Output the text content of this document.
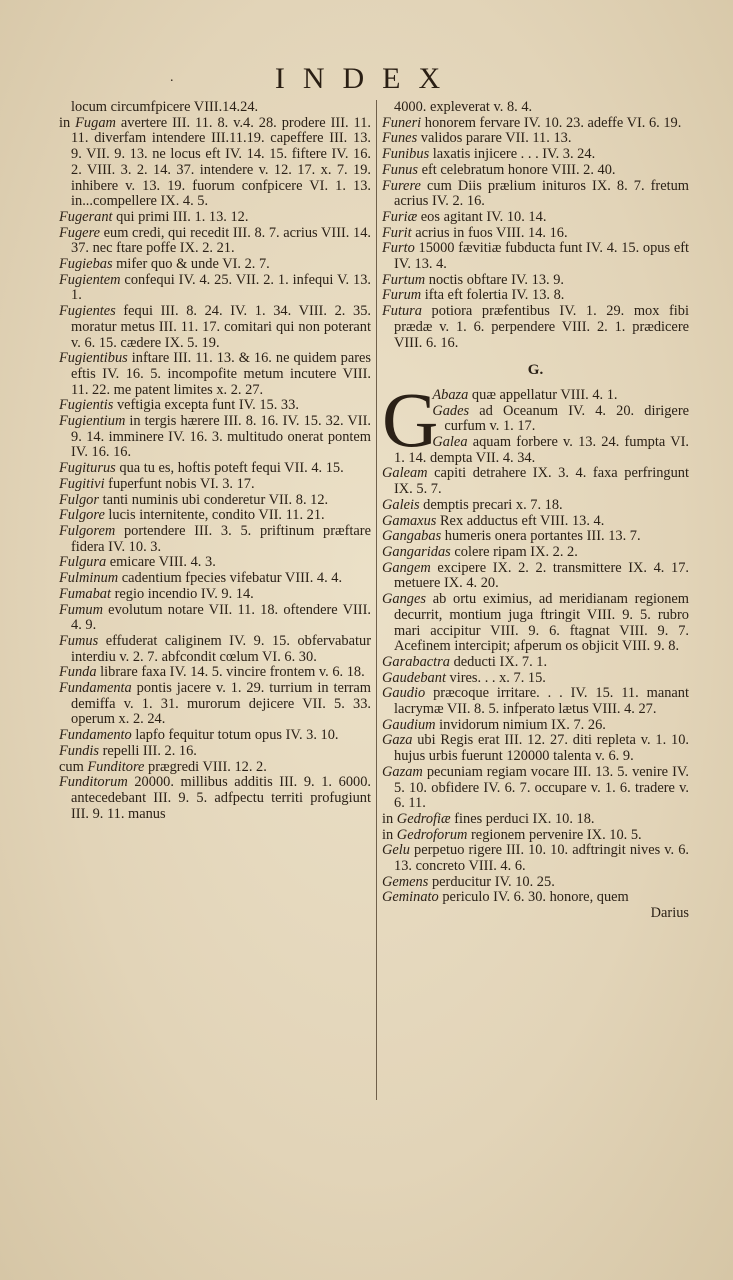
.	INDEX

locum circumfpicere VIII.14.24.

in Fugam avertere III. 11. 8. v.4. 28. prodere III. 11. 11. diverfam intendere III.11.19. capeffere III. 13. 9. VII. 9. 13. ne locus eft IV. 14. 15. fiftere IV. 16. 2. VIII. 3. 2. 14. 37. intendere v. 12. 17. x. 7. 19. inhibere v. 13. 19. fuorum confpicere VI. 1. 13. in...compellere IX. 4. 5.

Fugerant qui primi III. 1. 13. 12.

Fugere eum credi, qui recedit III. 8. 7. acrius VIII. 14. 37. nec ftare poffe IX. 2. 21.

Fugiebas mifer quo & unde VI. 2. 7.

Fugientem confequi IV. 4. 25. VII. 2. 1. infequi V. 13. 1.

Fugientes fequi III. 8. 24. IV. 1. 34. VIII. 2. 35. moratur metus III. 11. 17. comitari qui non poterant v. 6. 15. cædere IX. 5. 19.

Fugientibus inftare III. 11. 13. & 16. ne quidem pares eftis IV. 16. 5. incompofite metum incutere VIII. 11. 22. me patent limites x. 2. 27.

Fugientis veftigia excepta funt IV. 15. 33.

Fugientium in tergis hærere III. 8. 16. IV. 15. 32. VII. 9. 14. imminere IV. 16. 3. multitudo onerat pontem IV. 16. 16.

Fugiturus qua tu es, hoftis poteft fequi VII. 4. 15.

Fugitivi fuperfunt nobis VI. 3. 17.

Fulgor tanti numinis ubi conderetur VII. 8. 12.

Fulgore lucis internitente, condito VII. 11. 21.

Fulgorem portendere III. 3. 5. priftinum præftare fidera IV. 10. 3.

Fulgura emicare VIII. 4. 3.

Fulminum cadentium fpecies vifebatur VIII. 4. 4.

Fumabat regio incendio IV. 9. 14.

Fumum evolutum notare VII. 11. 18. oftendere VIII. 4. 9.

Fumus effuderat caliginem IV. 9. 15. obfervabatur interdiu v. 2. 7. abfcondit cœlum VI. 6. 30.

Funda librare faxa IV. 14. 5. vincire frontem v. 6. 18.

Fundamenta pontis jacere v. 1. 29. turrium in terram demiffa v. 1. 31. murorum dejicere VII. 5. 33. operum x. 2. 24.

Fundamento lapfo fequitur totum opus IV. 3. 10.

Fundis repelli III. 2. 16.

cum Funditore prægredi VIII. 12. 2.

Funditorum 20000. millibus additis III. 9. 1. 6000. antecedebant III. 9. 5. adfpectu territi profugiunt III. 9. 11. manus

4000. expleverat v. 8. 4.

Funeri honorem fervare IV. 10. 23. adeffe VI. 6. 19.

Funes validos parare VII. 11. 13.

Funibus laxatis injicere . . . IV. 3. 24.

Funus eft celebratum honore VIII. 2. 40.

Furere cum Diis prælium inituros IX. 8. 7. fretum acrius IV. 2. 16.

Furiæ eos agitant IV. 10. 14.

Furit acrius in fuos VIII. 14. 16.

Furto 15000 fævitiæ fubducta funt IV. 4. 15. opus eft IV. 13. 4.

Furtum noctis obftare IV. 13. 9.

Furum ifta eft folertia IV. 13. 8.

Futura potiora præfentibus IV. 1. 29. mox fibi prædæ v. 1. 6. perpendere VIII. 2. 1. prædicere VIII. 6. 16.

G.
G

Abaza quæ appellatur VIII. 4. 1.

Gades ad Oceanum IV. 4. 20. dirigere curfum v. 1. 17.

Galea aquam forbere v. 13. 24. fumpta VI. 1. 14. dempta VII. 4. 34.

Galeam capiti detrahere IX. 3. 4. faxa perfringunt IX. 5. 7.

Galeis demptis precari x. 7. 18.

Gamaxus Rex adductus eft VIII. 13. 4.

Gangabas humeris onera portantes III. 13. 7.

Gangaridas colere ripam IX. 2. 2.

Gangem excipere IX. 2. 2. transmittere IX. 4. 17. metuere IX. 4. 20.

Ganges ab ortu eximius, ad meridianam regionem decurrit, montium juga ftringit VIII. 9. 5. rubro mari accipitur VIII. 9. 6. ftagnat VIII. 9. 7. Acefinem intercipit; afperum os objicit VIII. 9. 8.

Garabactra deducti IX. 7. 1.

Gaudebant vires. . . x. 7. 15.

Gaudio præcoque irritare. . . IV. 15. 11. manant lacrymæ VII. 8. 5. infperato lætus VIII. 4. 27.

Gaudium invidorum nimium IX. 7. 26.

Gaza ubi Regis erat III. 12. 27. diti repleta v. 1. 10. hujus urbis fuerunt 120000 talenta v. 6. 9.

Gazam pecuniam regiam vocare III. 13. 5. venire IV. 5. 10. obfidere IV. 6. 7. occupare v. 1. 6. tradere v. 6. 11.

in Gedrofiæ fines perduci IX. 10. 18.

in Gedroforum regionem pervenire IX. 10. 5.

Gelu perpetuo rigere III. 10. 10. adftringit nives v. 6. 13. concreto VIII. 4. 6.

Gemens perducitur IV. 10. 25.

Geminato periculo IV. 6. 30. honore, quem

Darius
